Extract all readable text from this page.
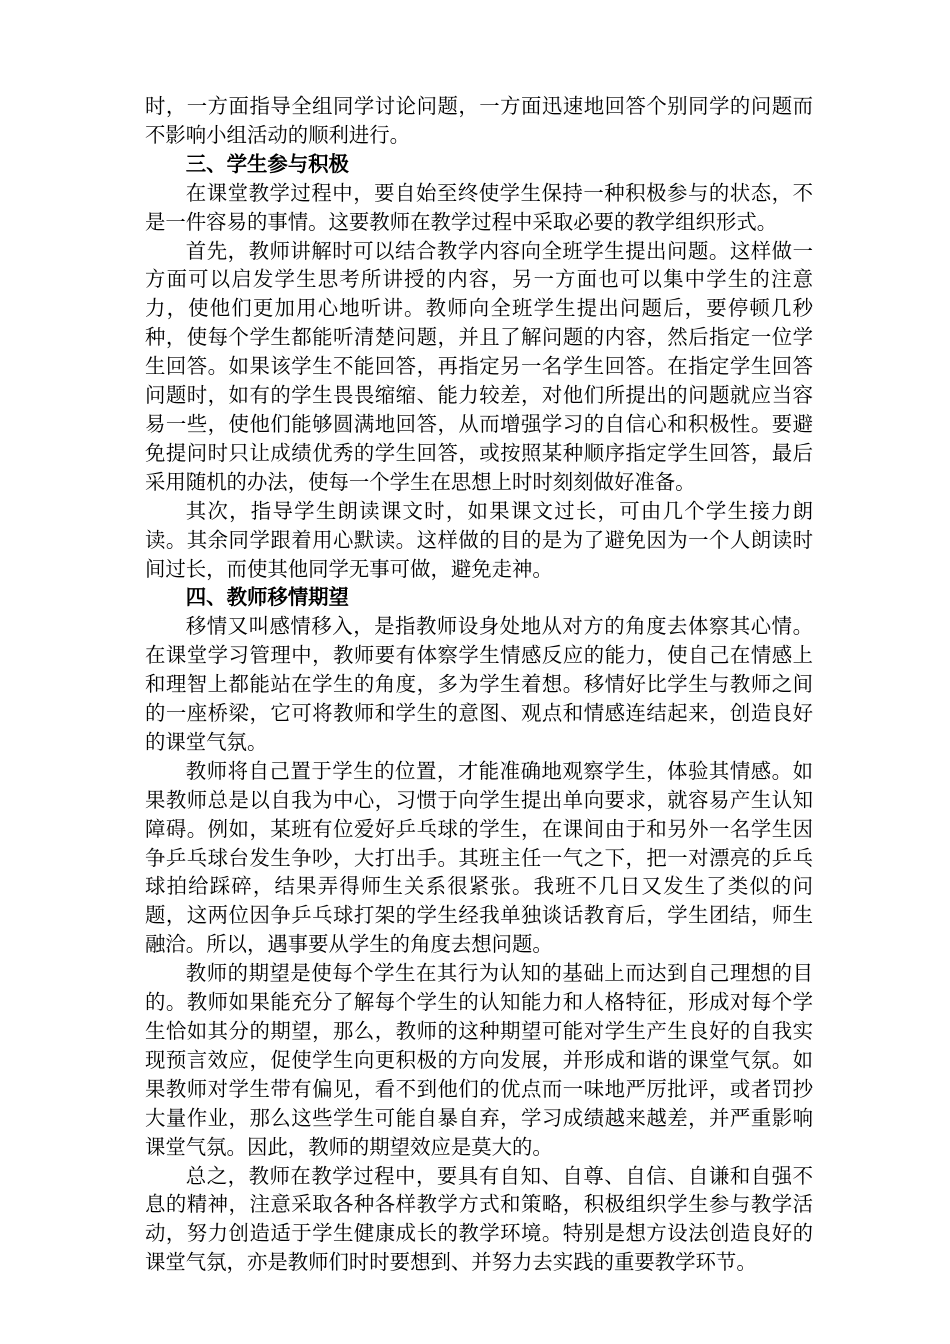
时，一方面指导全组同学讨论问题，一方面迅速地回答个别同学的问题而不影响小组活动的顺利进行。

三、学生参与积极

在课堂教学过程中，要自始至终使学生保持一种积极参与的状态，不是一件容易的事情。这要教师在教学过程中采取必要的教学组织形式。

首先，教师讲解时可以结合教学内容向全班学生提出问题。这样做一方面可以启发学生思考所讲授的内容，另一方面也可以集中学生的注意力，使他们更加用心地听讲。教师向全班学生提出问题后，要停顿几秒种，使每个学生都能听清楚问题，并且了解问题的内容，然后指定一位学生回答。如果该学生不能回答，再指定另一名学生回答。在指定学生回答问题时，如有的学生畏畏缩缩、能力较差，对他们所提出的问题就应当容易一些，使他们能够圆满地回答，从而增强学习的自信心和积极性。要避免提问时只让成绩优秀的学生回答，或按照某种顺序指定学生回答，最后采用随机的办法，使每一个学生在思想上时时刻刻做好准备。

其次，指导学生朗读课文时，如果课文过长，可由几个学生接力朗读。其余同学跟着用心默读。这样做的目的是为了避免因为一个人朗读时间过长，而使其他同学无事可做，避免走神。

四、教师移情期望

移情又叫感情移入，是指教师设身处地从对方的角度去体察其心情。在课堂学习管理中，教师要有体察学生情感反应的能力，使自己在情感上和理智上都能站在学生的角度，多为学生着想。移情好比学生与教师之间的一座桥梁，它可将教师和学生的意图、观点和情感连结起来，创造良好的课堂气氛。

教师将自己置于学生的位置，才能准确地观察学生，体验其情感。如果教师总是以自我为中心，习惯于向学生提出单向要求，就容易产生认知障碍。例如，某班有位爱好乒乓球的学生，在课间由于和另外一名学生因争乒乓球台发生争吵，大打出手。其班主任一气之下，把一对漂亮的乒乓球拍给踩碎，结果弄得师生关系很紧张。我班不几日又发生了类似的问题，这两位因争乒乓球打架的学生经我单独谈话教育后，学生团结，师生融洽。所以，遇事要从学生的角度去想问题。

教师的期望是使每个学生在其行为认知的基础上而达到自己理想的目的。教师如果能充分了解每个学生的认知能力和人格特征，形成对每个学生恰如其分的期望，那么，教师的这种期望可能对学生产生良好的自我实现预言效应，促使学生向更积极的方向发展，并形成和谐的课堂气氛。如果教师对学生带有偏见，看不到他们的优点而一味地严厉批评，或者罚抄大量作业，那么这些学生可能自暴自弃，学习成绩越来越差，并严重影响课堂气氛。因此，教师的期望效应是莫大的。

总之，教师在教学过程中，要具有自知、自尊、自信、自谦和自强不息的精神，注意采取各种各样教学方式和策略，积极组织学生参与教学活动，努力创造适于学生健康成长的教学环境。特别是想方设法创造良好的课堂气氛，亦是教师们时时要想到、并努力去实践的重要教学环节。
